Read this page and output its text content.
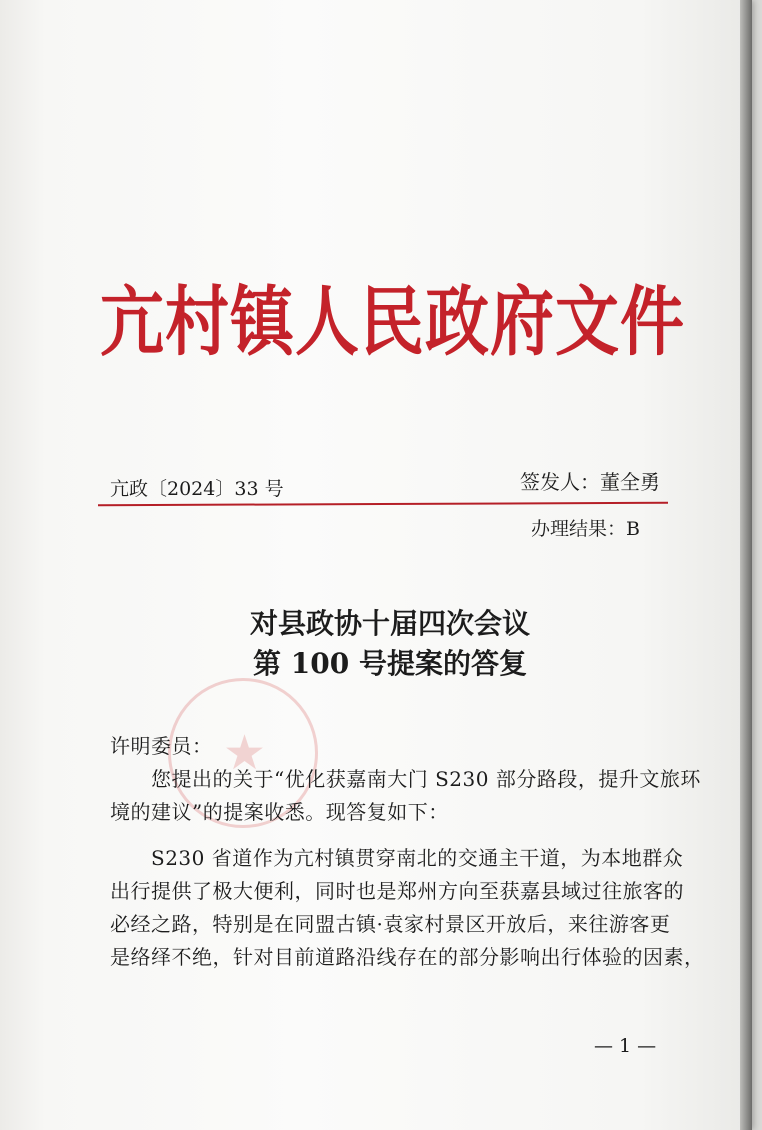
亢村镇人民政府文件
亢政〔2024〕33 号	签发人：董全勇
办理结果：B
★
对县政协十届四次会议
第 100 号提案的答复
许明委员：
　　您提出的关于“优化获嘉南大门 S230 部分路段，提升文旅环
境的建议”的提案收悉。现答复如下：
　　S230 省道作为亢村镇贯穿南北的交通主干道，为本地群众
出行提供了极大便利，同时也是郑州方向至获嘉县域过往旅客的
必经之路，特别是在同盟古镇·袁家村景区开放后，来往游客更
是络绎不绝，针对目前道路沿线存在的部分影响出行体验的因素，
— 1 —
